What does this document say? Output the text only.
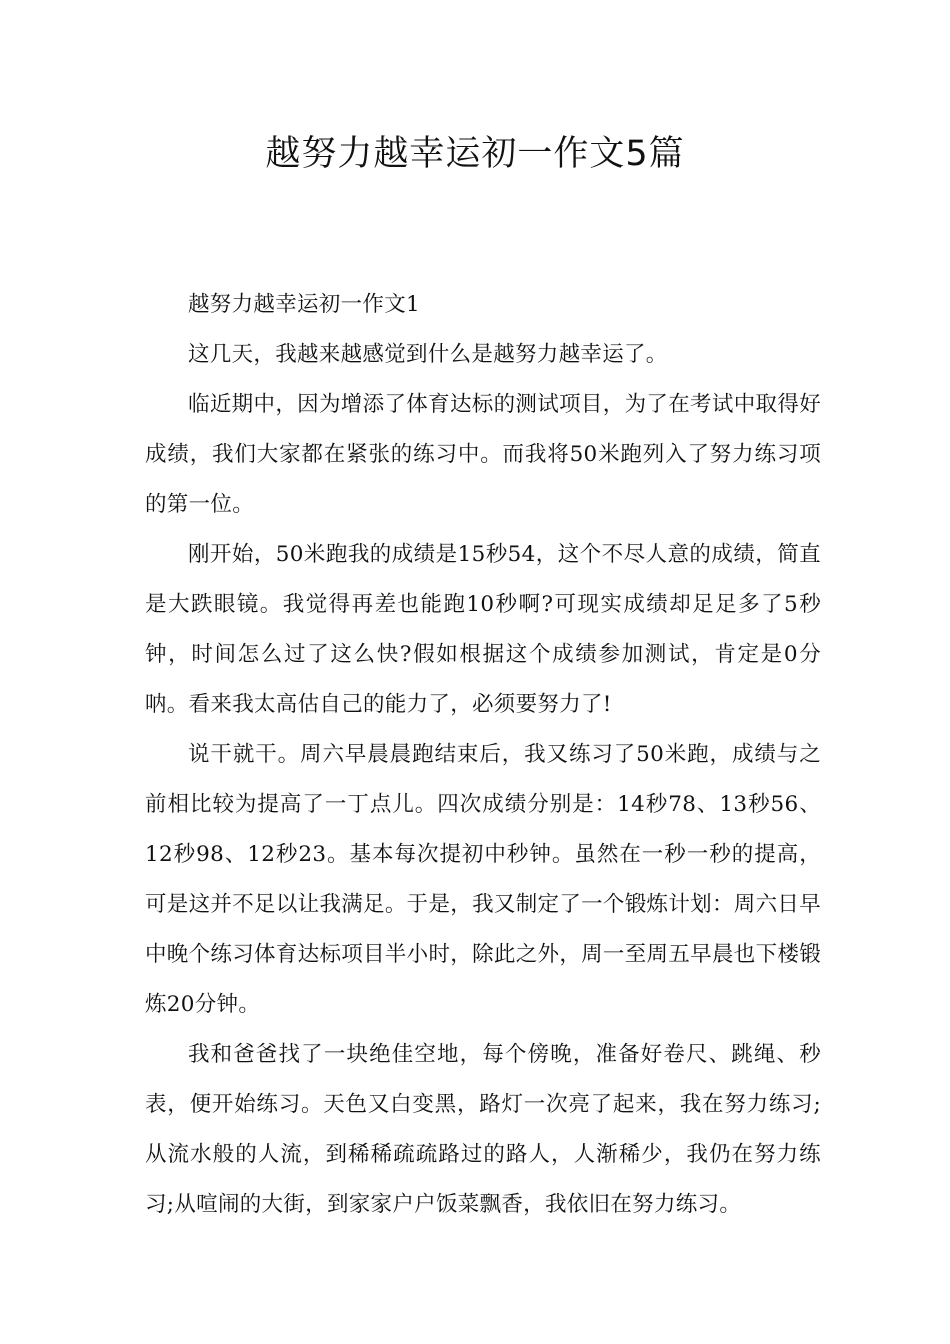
越努力越幸运初一作文5篇

越努力越幸运初一作文1

这几天，我越来越感觉到什么是越努力越幸运了。

临近期中，因为增添了体育达标的测试项目，为了在考试中取得好成绩，我们大家都在紧张的练习中。而我将50米跑列入了努力练习项的第一位。

刚开始，50米跑我的成绩是15秒54，这个不尽人意的成绩，简直是大跌眼镜。我觉得再差也能跑10秒啊?可现实成绩却足足多了5秒钟，时间怎么过了这么快?假如根据这个成绩参加测试，肯定是0分呐。看来我太高估自己的能力了，必须要努力了!

说干就干。周六早晨晨跑结束后，我又练习了50米跑，成绩与之前相比较为提高了一丁点儿。四次成绩分别是：14秒78、13秒56、12秒98、12秒23。基本每次提初中秒钟。虽然在一秒一秒的提高，可是这并不足以让我满足。于是，我又制定了一个锻炼计划：周六日早中晚个练习体育达标项目半小时，除此之外，周一至周五早晨也下楼锻炼20分钟。

我和爸爸找了一块绝佳空地，每个傍晚，准备好卷尺、跳绳、秒表，便开始练习。天色又白变黑，路灯一次亮了起来，我在努力练习;从流水般的人流，到稀稀疏疏路过的路人，人渐稀少，我仍在努力练习;从喧闹的大街，到家家户户饭菜飘香，我依旧在努力练习。
